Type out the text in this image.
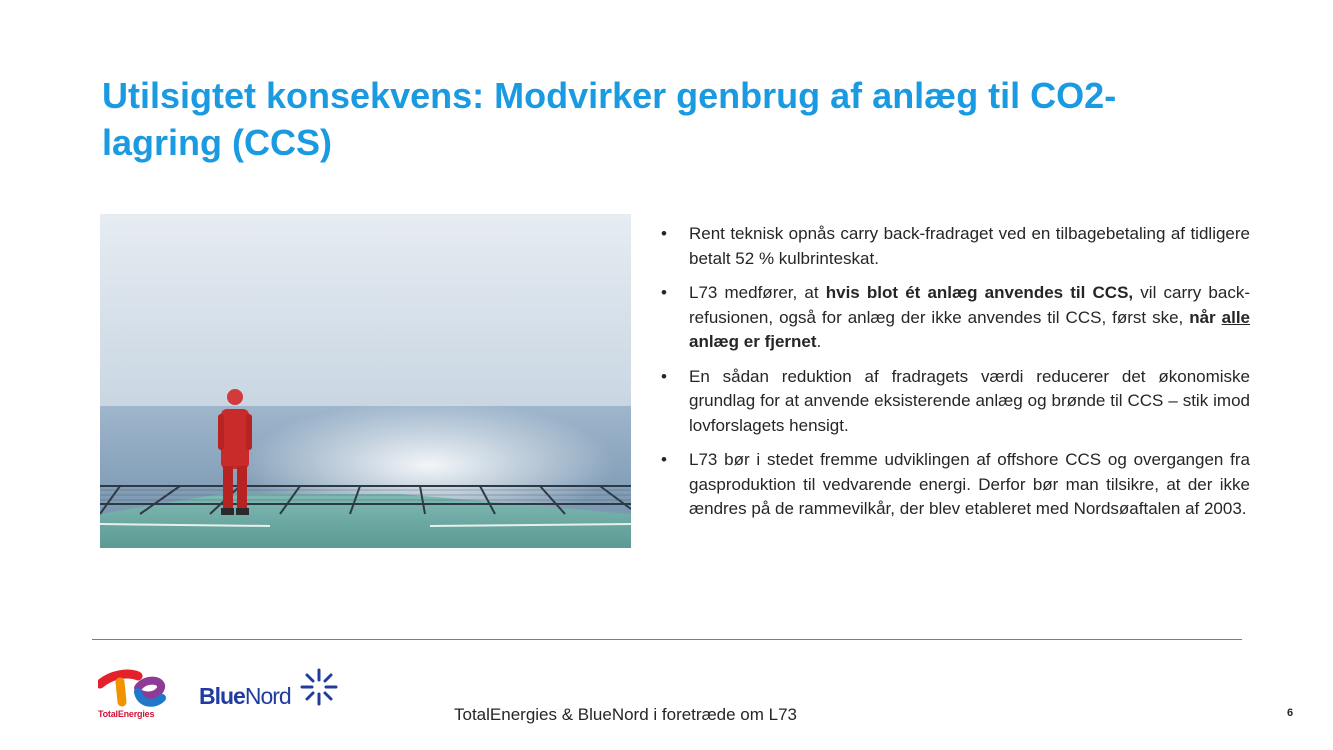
Utilsigtet konsekvens: Modvirker genbrug af anlæg til CO2-lagring (CCS)
• Rent teknisk opnås carry back-fradraget ved en tilbagebetaling af tidligere betalt 52 % kulbrinteskat.
• L73 medfører, at hvis blot ét anlæg anvendes til CCS, vil carry back-refusionen, også for anlæg der ikke anvendes til CCS, først ske, når alle anlæg er fjernet.
• En sådan reduktion af fradragets værdi reducerer det økonomiske grundlag for at anvende eksisterende anlæg og brønde til CCS – stik imod lovforslagets hensigt.
• L73 bør i stedet fremme udviklingen af offshore CCS og overgangen fra gasproduktion til vedvarende energi. Derfor bør man tilsikre, at der ikke ændres på de rammevilkår, der blev etableret med Nordsøaftalen af 2003.
TotalEnergies
BlueNord
TotalEnergies & BlueNord i foretræde om L73	6
